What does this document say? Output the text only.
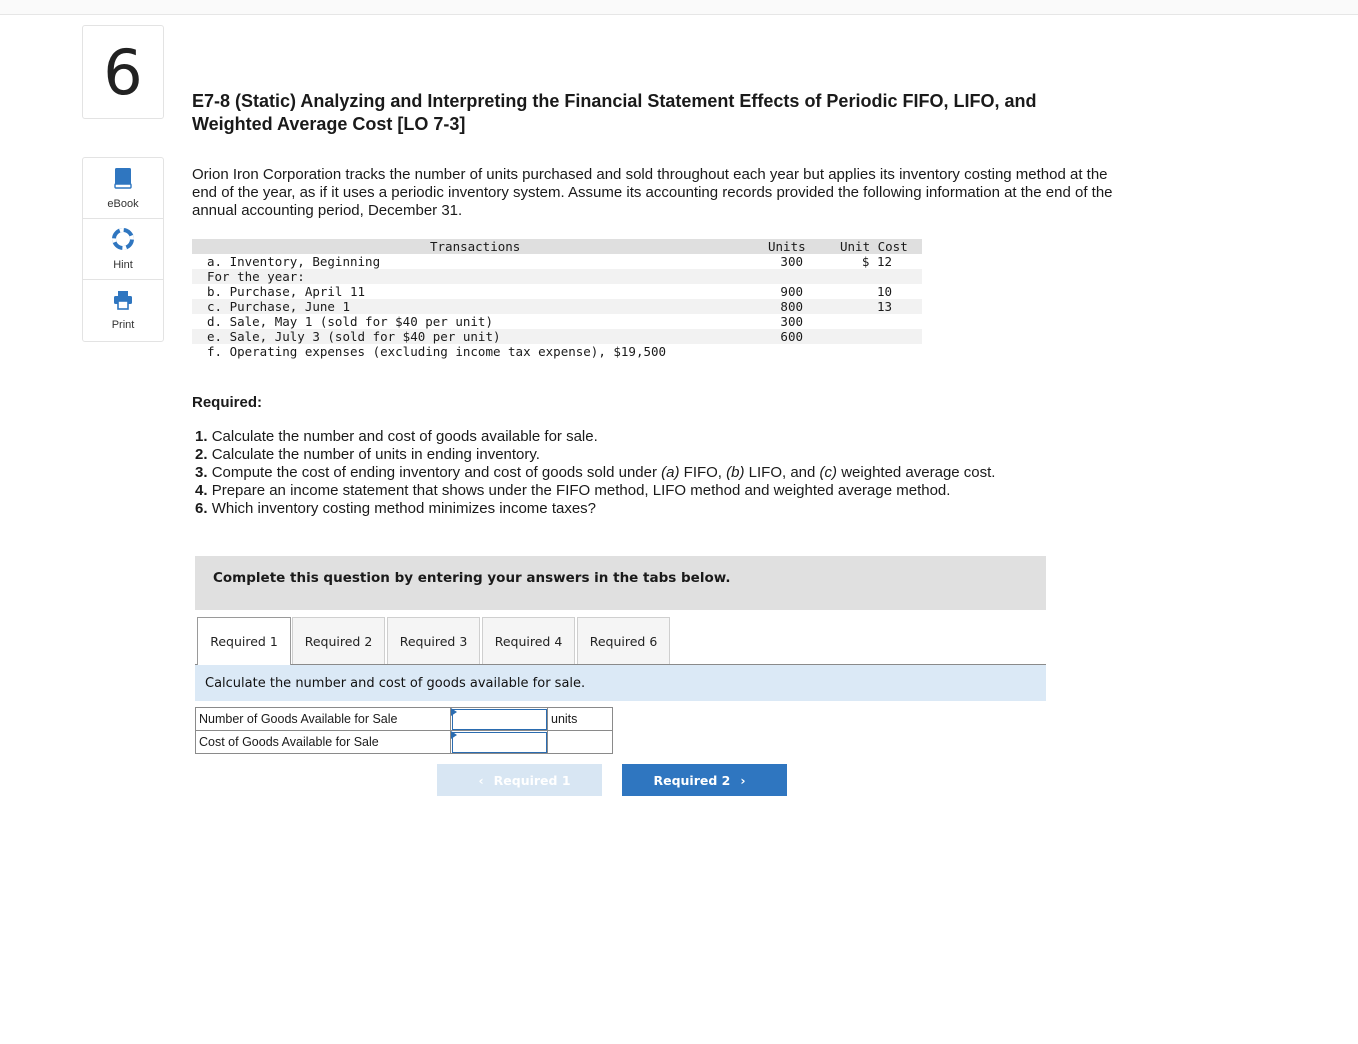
6
eBook
Hint
Print
E7-8 (Static) Analyzing and Interpreting the Financial Statement Effects of Periodic FIFO, LIFO, and Weighted Average Cost [LO 7-3]
Orion Iron Corporation tracks the number of units purchased and sold throughout each year but applies its inventory costing method at the end of the year, as if it uses a periodic inventory system. Assume its accounting records provided the following information at the end of the annual accounting period, December 31.
Transactions	Units	Unit Cost
a. Inventory, Beginning	300	$ 12
For the year:
b. Purchase, April 11	900	10
c. Purchase, June 1	800	13
d. Sale, May 1 (sold for $40 per unit)	300
e. Sale, July 3 (sold for $40 per unit)	600
f. Operating expenses (excluding income tax expense), $19,500
Required:
1. Calculate the number and cost of goods available for sale.
2. Calculate the number of units in ending inventory.
3. Compute the cost of ending inventory and cost of goods sold under (a) FIFO, (b) LIFO, and (c) weighted average cost.
4. Prepare an income statement that shows under the FIFO method, LIFO method and weighted average method.
6. Which inventory costing method minimizes income taxes?
Complete this question by entering your answers in the tabs below.
Required 1	Required 2	Required 3	Required 4	Required 6
Calculate the number and cost of goods available for sale.
Number of Goods Available for Sale		units
Cost of Goods Available for Sale	

‹ Required 1	Required 2 ›
